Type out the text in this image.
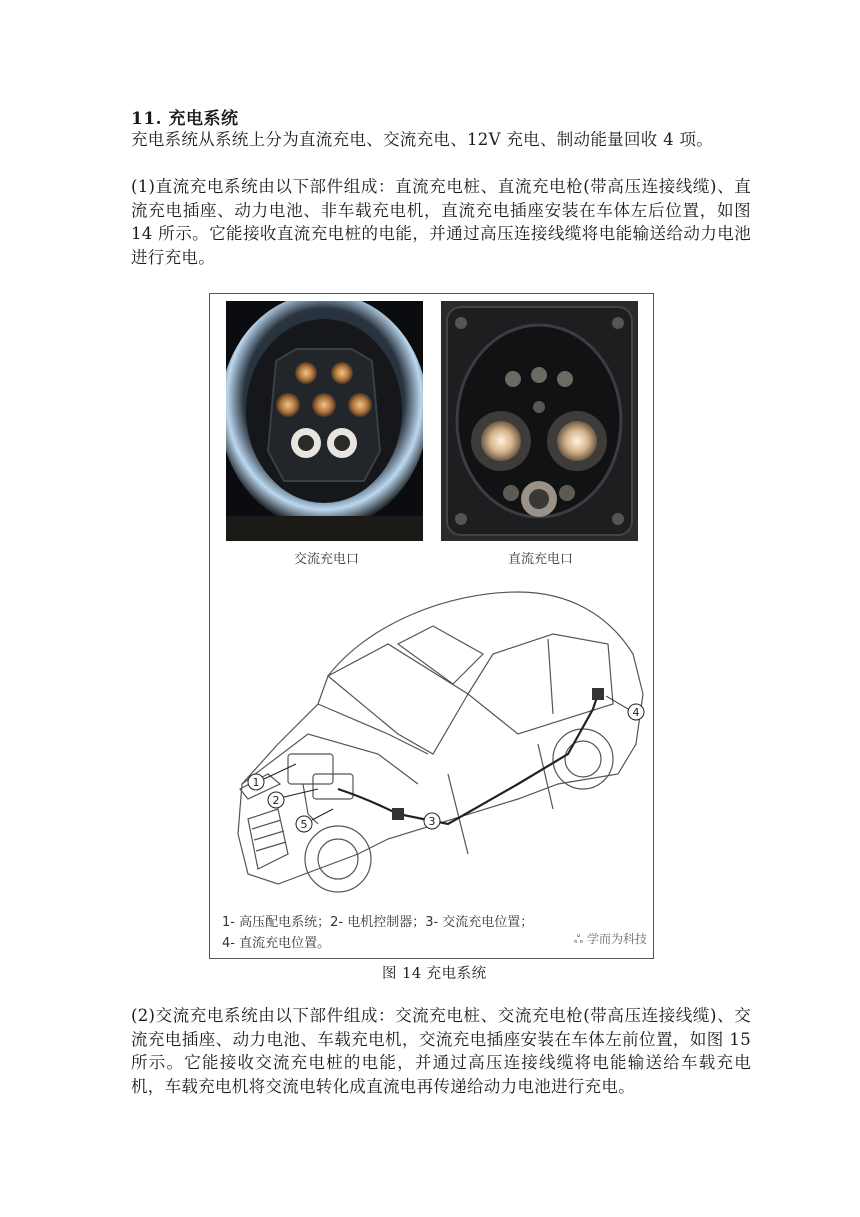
11. 充电系统
充电系统从系统上分为直流充电、交流充电、12V 充电、制动能量回收 4 项。
(1)直流充电系统由以下部件组成：直流充电桩、直流充电枪(带高压连接线缆)、直流充电插座、动力电池、非车载充电机，直流充电插座安装在车体左后位置，如图 14 所示。它能接收直流充电桩的电能，并通过高压连接线缆将电能输送给动力电池进行充电。
交流充电口	直流充电口
1
2
3
4
5
1- 高压配电系统；2- 电机控制器；3- 交流充电位置；
4- 直流充电位置。	ஃ 学而为科技
图 14 充电系统
(2)交流充电系统由以下部件组成：交流充电桩、交流充电枪(带高压连接线缆)、交流充电插座、动力电池、车载充电机，交流充电插座安装在车体左前位置，如图 15 所示。它能接收交流充电桩的电能，并通过高压连接线缆将电能输送给车载充电机，车载充电机将交流电转化成直流电再传递给动力电池进行充电。
